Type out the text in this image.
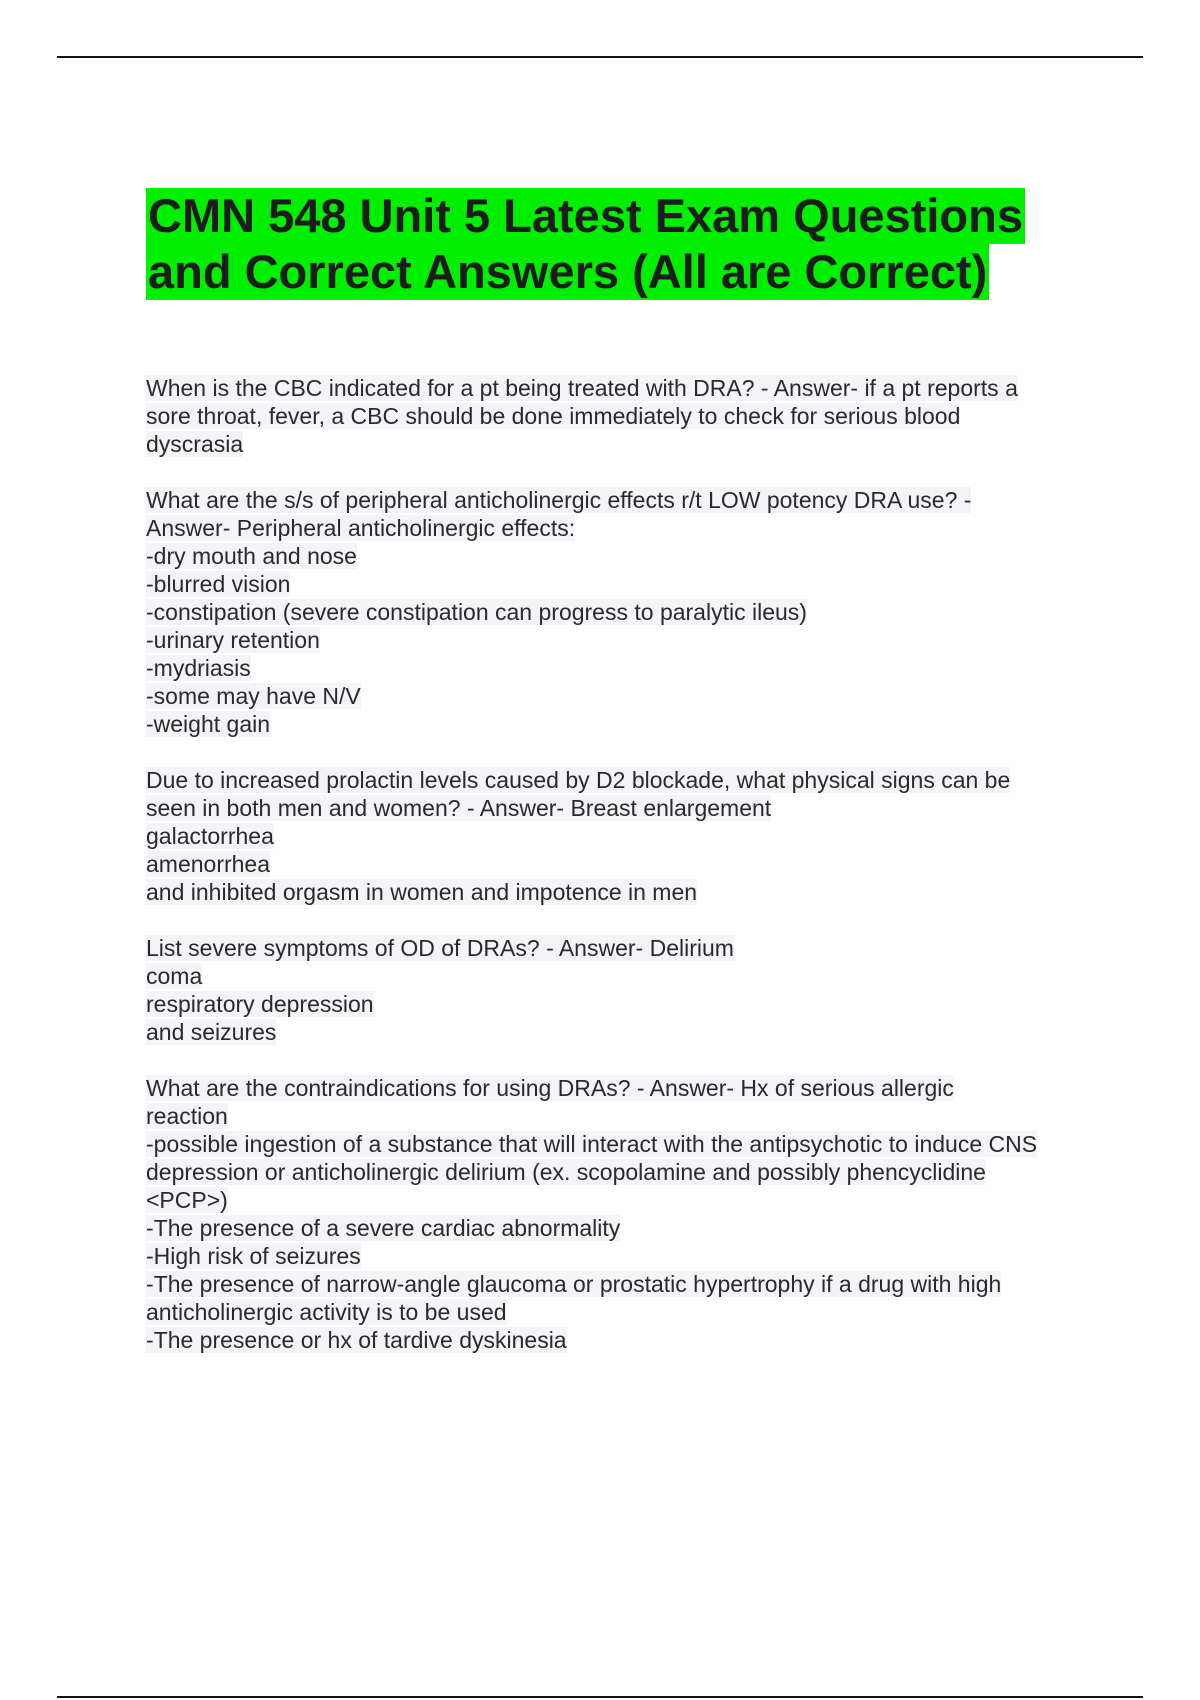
CMN 548 Unit 5 Latest Exam Questions
and Correct Answers (All are Correct)
When is the CBC indicated for a pt being treated with DRA? - Answer- if a pt reports a
sore throat, fever, a CBC should be done immediately to check for serious blood
dyscrasia
What are the s/s of peripheral anticholinergic effects r/t LOW potency DRA use? -
Answer- Peripheral anticholinergic effects:
-dry mouth and nose
-blurred vision
-constipation (severe constipation can progress to paralytic ileus)
-urinary retention
-mydriasis
-some may have N/V
-weight gain
Due to increased prolactin levels caused by D2 blockade, what physical signs can be
seen in both men and women? - Answer- Breast enlargement
galactorrhea
amenorrhea
and inhibited orgasm in women and impotence in men
List severe symptoms of OD of DRAs? - Answer- Delirium
coma
respiratory depression
and seizures
What are the contraindications for using DRAs? - Answer- Hx of serious allergic
reaction
-possible ingestion of a substance that will interact with the antipsychotic to induce CNS
depression or anticholinergic delirium (ex. scopolamine and possibly phencyclidine
<PCP>)
-The presence of a severe cardiac abnormality
-High risk of seizures
-The presence of narrow-angle glaucoma or prostatic hypertrophy if a drug with high
anticholinergic activity is to be used
-The presence or hx of tardive dyskinesia
